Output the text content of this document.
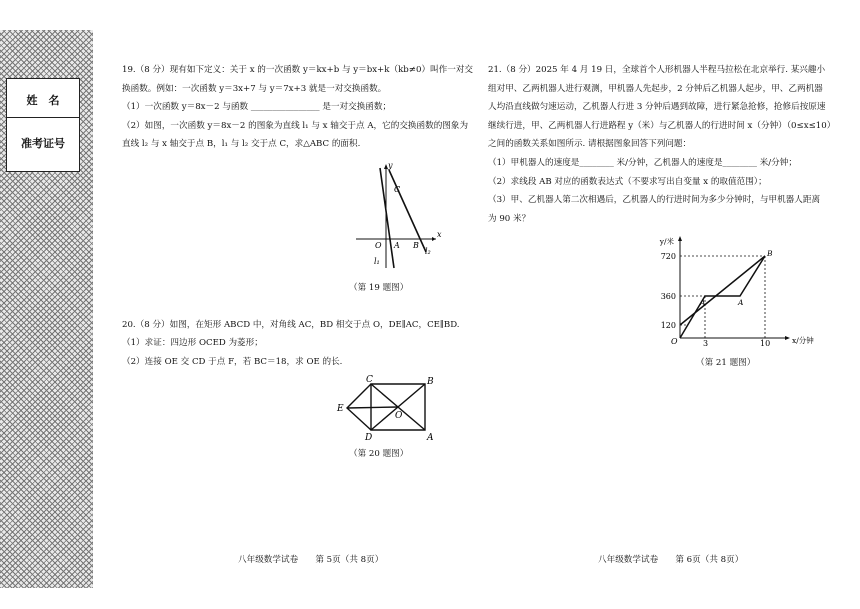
姓　名
准考证号
19.（8 分）现有如下定义：关于 x 的一次函数 y＝kx+b 与 y＝bx+k（kb≠0）叫作一对交
换函数。例如：一次函数 y＝3x+7 与 y＝7x+3 就是一对交换函数。
（1）一次函数 y＝8x－2 与函数 ________________ 是一对交换函数；
（2）如图，一次函数 y＝8x－2 的图象为直线 l₁ 与 x 轴交于点 A，它的交换函数的图象为
直线 l₂ 与 x 轴交于点 B，l₁ 与 l₂ 交于点 C，求△ABC 的面积.
y
x
C
O A B
l₁
l₂
（第 19 题图）
20.（8 分）如图，在矩形 ABCD 中，对角线 AC，BD 相交于点 O，DE∥AC，CE∥BD.
（1）求证：四边形 OCED 为菱形；
（2）连接 OE 交 CD 于点 F，若 BC＝18，求 OE 的长.
C	B
E
O
D	A
（第 20 题图）
21.（8 分）2025 年 4 月 19 日，全球首个人形机器人半程马拉松在北京举行. 某兴趣小
组对甲、乙两机器人进行观测，甲机器人先起步，2 分钟后乙机器人起步，甲、乙两机器
人均沿直线做匀速运动，乙机器人行进 3 分钟后遇到故障，进行紧急抢修，抢修后按原速
继续行进，甲、乙两机器人行进路程 y（米）与乙机器人的行进时间 x（分钟）（0≤x≤10）
之间的函数关系如图所示. 请根据图象回答下列问题：
（1）甲机器人的速度是________ 米/分钟，乙机器人的速度是________ 米/分钟；
（2）求线段 AB 对应的函数表达式（不要求写出自变量 x 的取值范围）；
（3）甲、乙机器人第二次相遇后，乙机器人的行进时间为多少分钟时，与甲机器人距离
为 90 米？
y/米
x/分钟
720
360
120
O	3	10
A	A
B
（第 21 题图）
八年级数学试卷　　第 5页（共 8页）	八年级数学试卷　　第 6页（共 8页）
